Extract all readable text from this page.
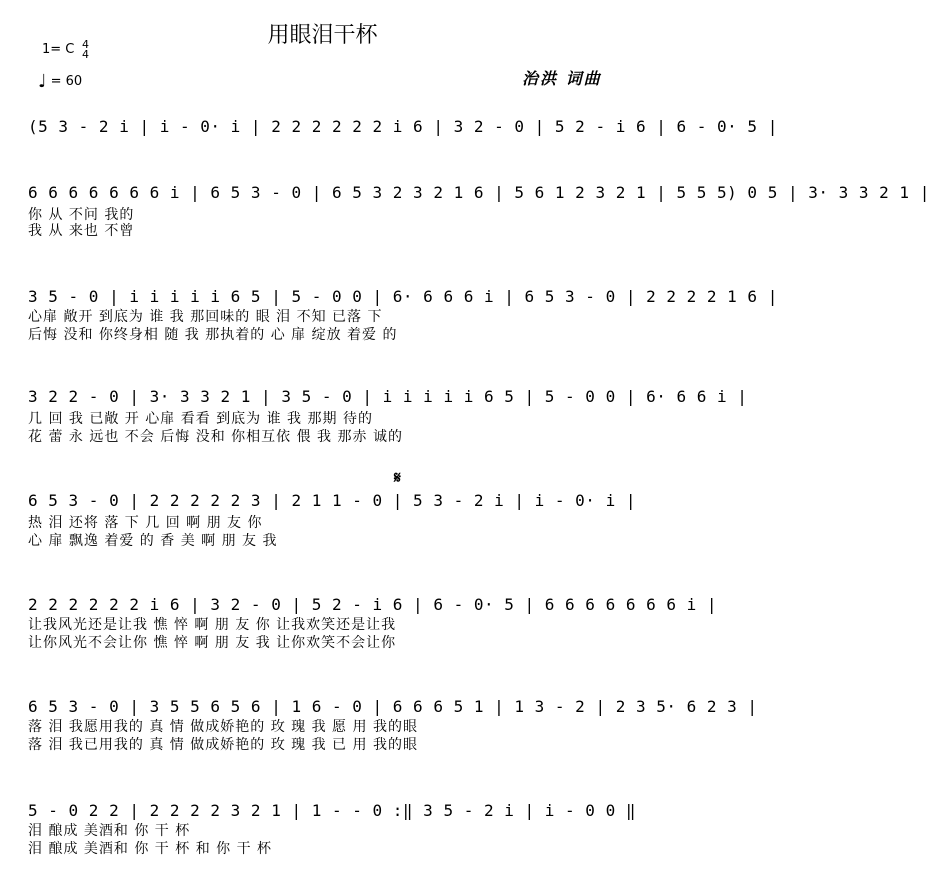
用眼泪干杯
1= C 4
4
♩ = 60	治洪 词曲
𝄋
(5 3 - 2 i | i - 0· i | 2 2 2 2 2 2 i 6 | 3 2 - 0 | 5 2 - i 6 | 6 - 0· 5 |
6 6 6 6 6 6 6 i | 6 5 3 - 0 | 6 5 3 2 3 2 1 6 | 5 6 1 2 3 2 1 | 5 5 5) 0 5 | 3· 3 3 2 1 |
你 从 不问 我的
我 从 来也 不曾
3 5 - 0 | i i i i i 6 5 | 5 - 0 0 | 6· 6 6 6 i | 6 5 3 - 0 | 2 2 2 2 1 6 |
心扉 敞开 到底为 谁 我 那回味的 眼 泪 不知 已落 下
后悔 没和 你终身相 随 我 那执着的 心 扉 绽放 着爱 的
3 2 2 - 0 | 3· 3 3 2 1 | 3 5 - 0 | i i i i i 6 5 | 5 - 0 0 | 6· 6 6 i |
几 回 我 已敞 开 心扉 看看 到底为 谁 我 那期 待的
花 蕾 永 远也 不会 后悔 没和 你相互依 偎 我 那赤 诚的
6 5 3 - 0 | 2 2 2 2 2 3 | 2 1 1 - 0 | 5 3 - 2 i | i - 0· i |
热 泪 还将 落 下 几 回 啊 朋 友 你
心 扉 飘逸 着爱 的 香 美 啊 朋 友 我
2 2 2 2 2 2 i 6 | 3 2 - 0 | 5 2 - i 6 | 6 - 0· 5 | 6 6 6 6 6 6 6 i |
让我风光还是让我 憔 悴 啊 朋 友 你 让我欢笑还是让我
让你风光不会让你 憔 悴 啊 朋 友 我 让你欢笑不会让你
6 5 3 - 0 | 3 5 5 6 5 6 | 1 6 - 0 | 6 6 6 5 1 | 1 3 - 2 | 2 3 5· 6 2 3 |
落 泪 我愿用我的 真 情 做成娇艳的 玫 瑰 我 愿 用 我的眼
落 泪 我已用我的 真 情 做成娇艳的 玫 瑰 我 已 用 我的眼
5 - 0 2 2 | 2 2 2 2 3 2 1 | 1 - - 0 :‖ 3 5 - 2 i | i - 0 0 ‖
泪 酿成 美酒和 你 干 杯
泪 酿成 美酒和 你 干 杯 和 你 干 杯
